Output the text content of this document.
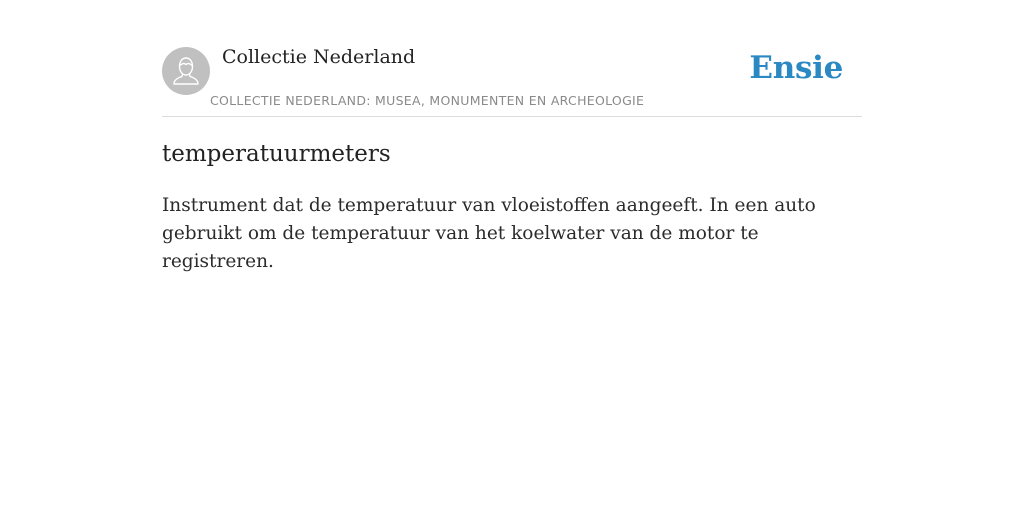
Collectie Nederland
COLLECTIE NEDERLAND: MUSEA, MONUMENTEN EN ARCHEOLOGIE
Ensie
temperatuurmeters

Instrument dat de temperatuur van vloeistoffen aangeeft. In een auto gebruikt om de temperatuur van het koelwater van de motor te registreren.
